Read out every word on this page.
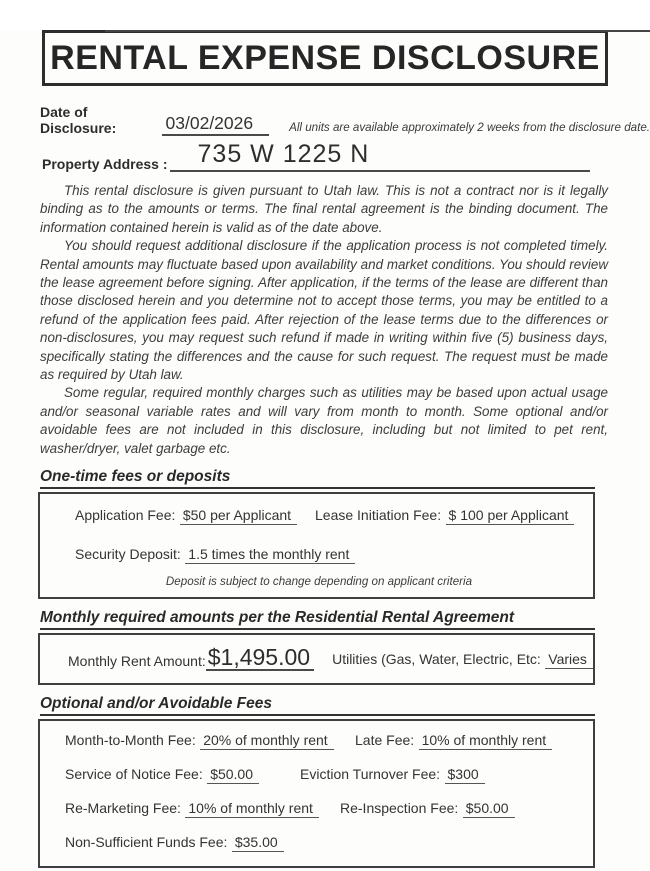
RENTAL EXPENSE DISCLOSURE
Date of Disclosure:	03/02/2026	All units are available approximately 2 weeks from the disclosure date.
Property Address :	735 W 1225 N

This rental disclosure is given pursuant to Utah law. This is not a contract nor is it legally binding as to the amounts or terms. The final rental agreement is the binding document. The information contained herein is valid as of the date above.

You should request additional disclosure if the application process is not completed timely. Rental amounts may fluctuate based upon availability and market conditions. You should review the lease agreement before signing. After application, if the terms of the lease are different than those disclosed herein and you determine not to accept those terms, you may be entitled to a refund of the application fees paid. After rejection of the lease terms due to the differences or non-disclosures, you may request such refund if made in writing within five (5) business days, specifically stating the differences and the cause for such request. The request must be made as required by Utah law.

Some regular, required monthly charges such as utilities may be based upon actual usage and/or seasonal variable rates and will vary from month to month. Some optional and/or avoidable fees are not included in this disclosure, including but not limited to pet rent, washer/dryer, valet garbage etc.

One-time fees or deposits
Application Fee: $50 per Applicant	Lease Initiation Fee: $ 100 per Applicant
Security Deposit: 1.5 times the monthly rent
Deposit is subject to change depending on applicant criteria
Monthly required amounts per the Residential Rental Agreement
Monthly Rent Amount: $1,495.00 Utilities (Gas, Water, Electric, Etc: Varies
Optional and/or Avoidable Fees
Month-to-Month Fee: 20% of monthly rent	Late Fee: 10% of monthly rent
Service of Notice Fee: $50.00	Eviction Turnover Fee: $300
Re-Marketing Fee: 10% of monthly rent	Re-Inspection Fee: $50.00
Non-Sufficient Funds Fee: $35.00
